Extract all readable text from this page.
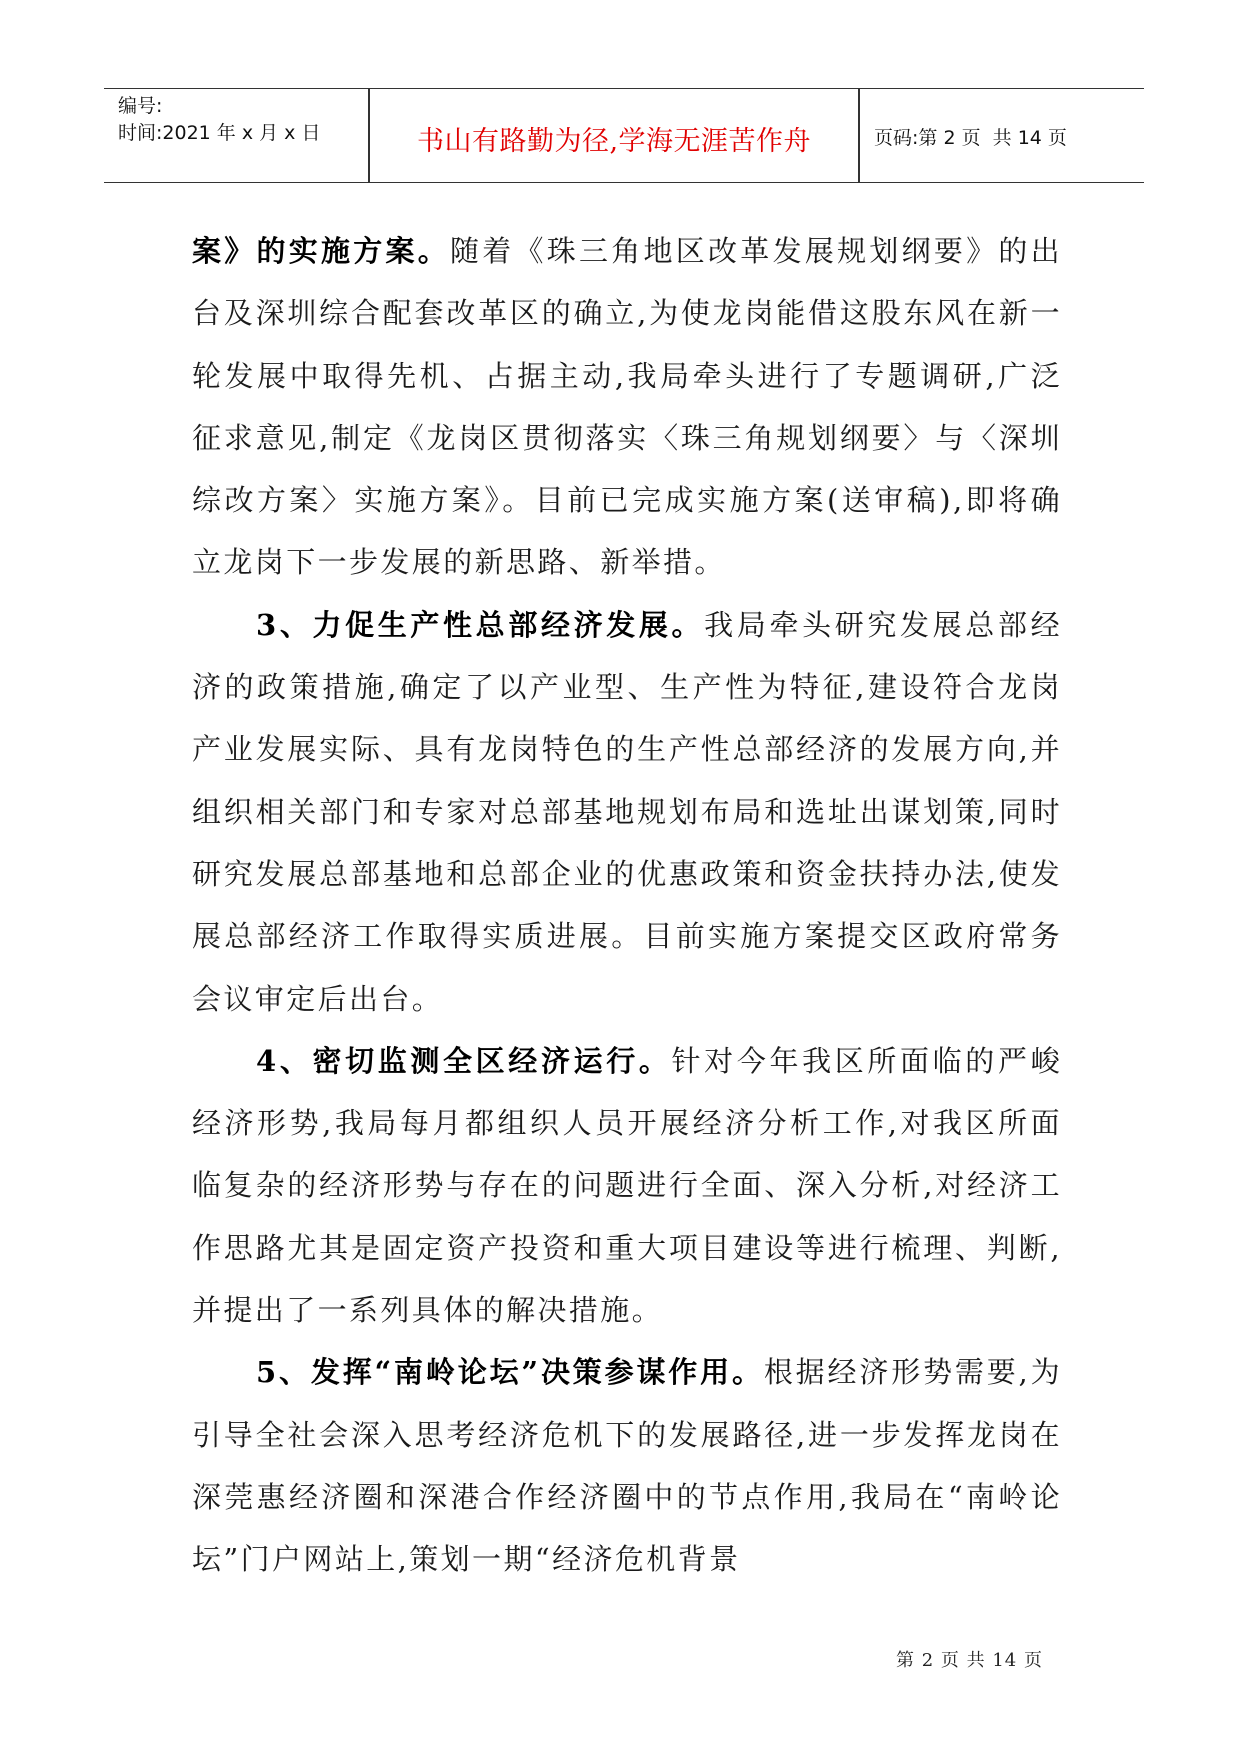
编号:
时间:2021 年 x 月 x 日	书山有路勤为径,学海无涯苦作舟	页码:第 2 页  共 14 页

案》的实施方案。随着《珠三角地区改革发展规划纲要》的出台及深圳综合配套改革区的确立,为使龙岗能借这股东风在新一轮发展中取得先机、占据主动,我局牵头进行了专题调研,广泛征求意见,制定《龙岗区贯彻落实〈珠三角规划纲要〉与〈深圳综改方案〉实施方案》。目前已完成实施方案(送审稿),即将确立龙岗下一步发展的新思路、新举措。

3、力促生产性总部经济发展。我局牵头研究发展总部经济的政策措施,确定了以产业型、生产性为特征,建设符合龙岗产业发展实际、具有龙岗特色的生产性总部经济的发展方向,并组织相关部门和专家对总部基地规划布局和选址出谋划策,同时研究发展总部基地和总部企业的优惠政策和资金扶持办法,使发展总部经济工作取得实质进展。目前实施方案提交区政府常务会议审定后出台。

4、密切监测全区经济运行。针对今年我区所面临的严峻经济形势,我局每月都组织人员开展经济分析工作,对我区所面临复杂的经济形势与存在的问题进行全面、深入分析,对经济工作思路尤其是固定资产投资和重大项目建设等进行梳理、判断,并提出了一系列具体的解决措施。

5、发挥“南岭论坛”决策参谋作用。根据经济形势需要,为引导全社会深入思考经济危机下的发展路径,进一步发挥龙岗在深莞惠经济圈和深港合作经济圈中的节点作用,我局在“南岭论坛”门户网站上,策划一期“经济危机背景

第 2 页 共 14 页
